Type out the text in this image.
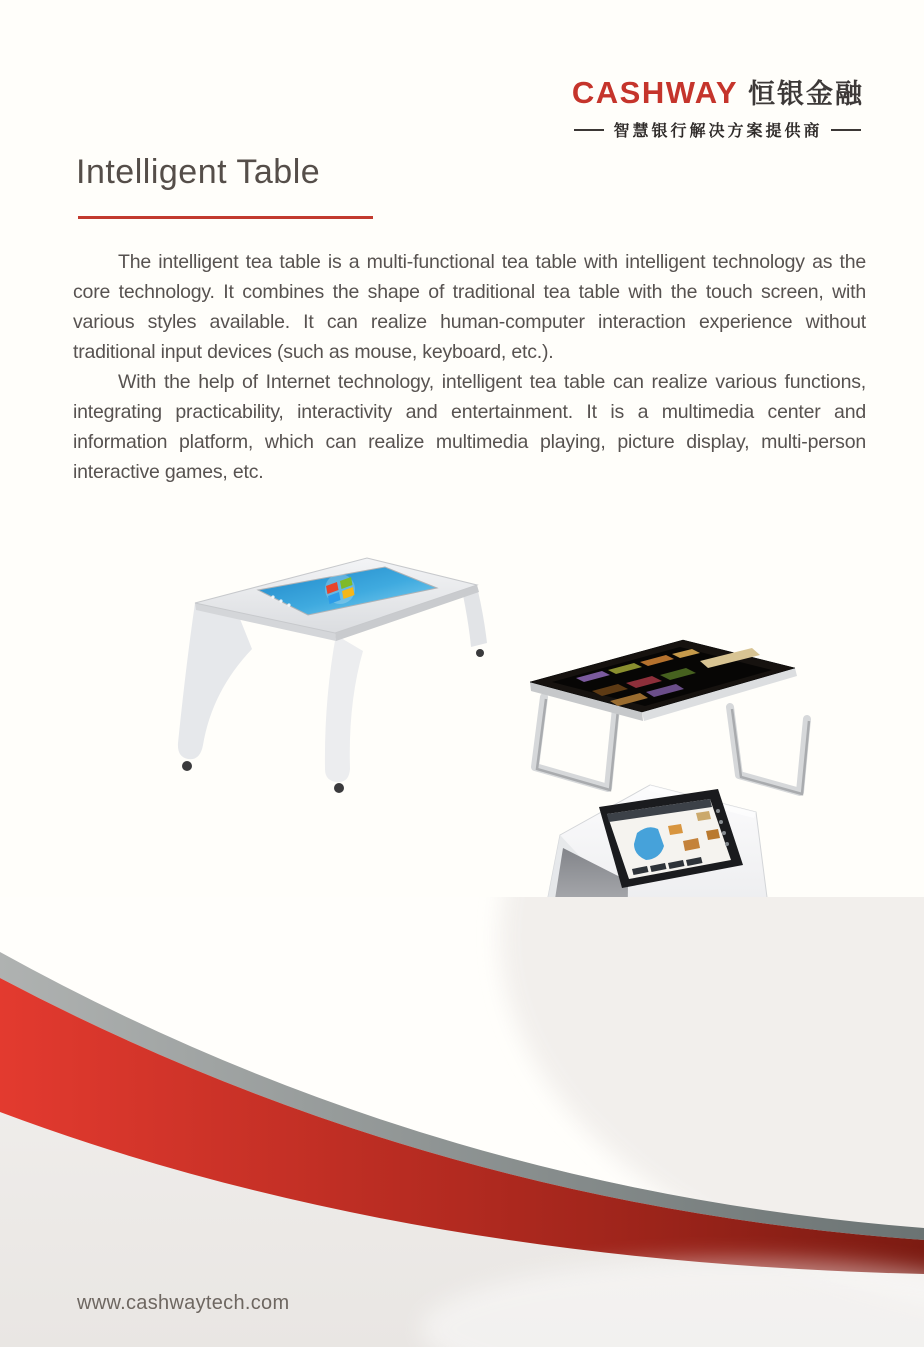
CASHWAY 恒银金融
智慧银行解决方案提供商
Intelligent Table

The intelligent tea table is a multi-functional tea table with intelligent technology as the core technology. It combines the shape of traditional tea table with the touch screen, with various styles available. It can realize human-computer interaction experience without traditional input devices (such as mouse, keyboard, etc.).

With the help of Internet technology, intelligent tea table can realize various functions, integrating practicability, interactivity and entertainment. It is a multimedia center and information platform, which can realize multimedia playing, picture display, multi-person interactive games, etc.

www.cashwaytech.com
